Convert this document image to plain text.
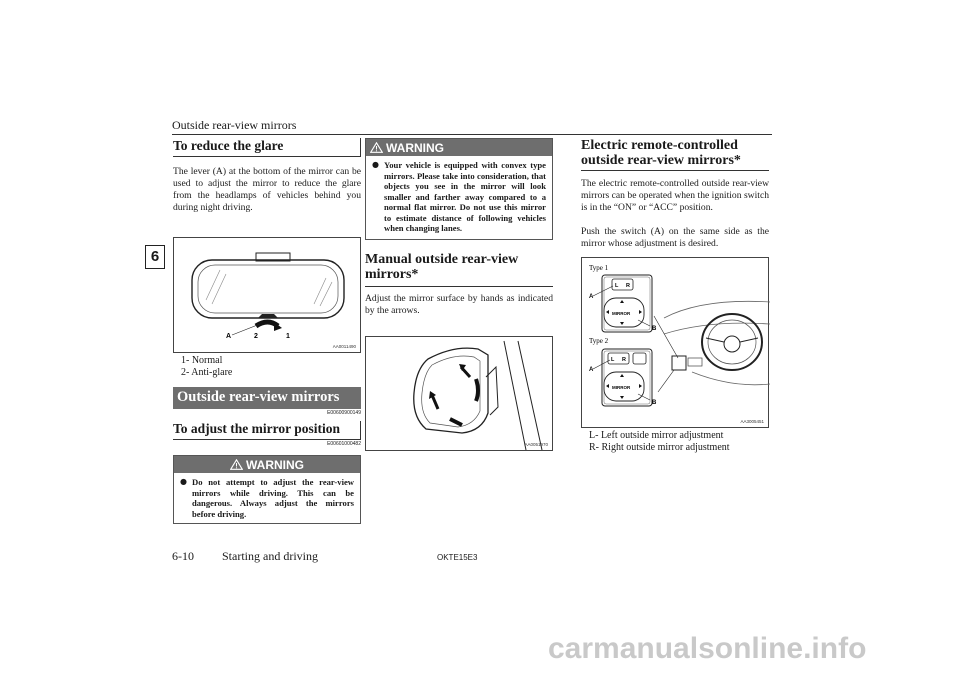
Outside rear-view mirrors
6
To reduce the glare
The lever (A) at the bottom of the mirror can be used to adjust the mirror to reduce the glare from the headlamps of vehicles behind you during night driving.
A	2	1
AA0011490
1- Normal
2- Anti-glare
Outside rear-view mirrors
E00600900149
To adjust the mirror position
E00601000482
WARNING
● Do not attempt to adjust the rear-view mirrors while driving. This can be dangerous. Always adjust the mirrors before driving.
WARNING
● Your vehicle is equipped with convex type mirrors. Please take into consideration, that objects you see in the mirror will look smaller and farther away compared to a normal flat mirror. Do not use this mirror to estimate distance of following vehicles when changing lanes.
Manual outside rear-view mirrors*
Adjust the mirror surface by hands as indicated by the arrows.
AA0051970
Electric remote-controlled outside rear-view mirrors*
The electric remote-controlled outside rear-view mirrors can be operated when the ignition switch is in the “ON” or “ACC” position.
Push the switch (A) on the same side as the mirror whose adjustment is desired.
Type 1
L R
MIRROR
A
B
Type 2
L R
MIRROR
A
B
AA3005451
L- Left outside mirror adjustment
R- Right outside mirror adjustment
6-10 Starting and driving	OKTE15E3
carmanualsonline.info
